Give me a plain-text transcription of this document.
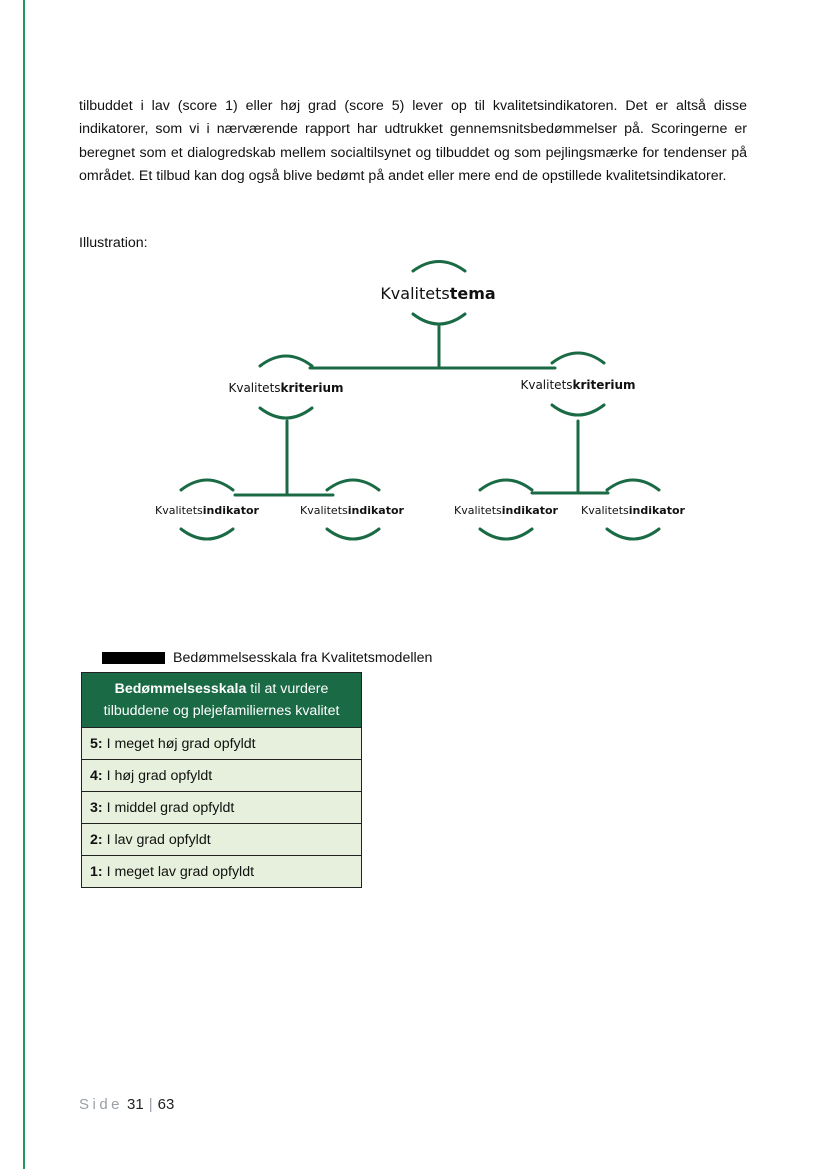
tilbuddet i lav (score 1) eller høj grad (score 5) lever op til kvalitetsindikatoren. Det er altså disse indikatorer, som vi i nærværende rapport har udtrukket gennemsnitsbedømmelser på. Scoringerne er beregnet som et dialogredskab mellem socialtilsynet og tilbuddet og som pejlingsmærke for tendenser på området. Et tilbud kan dog også blive bedømt på andet eller mere end de opstillede kvalitetsindikatorer.

Illustration:

Kvalitetstema
Kvalitetskriterium	Kvalitetskriterium
Kvalitetsindikator	Kvalitetsindikator	Kvalitetsindikator Kvalitetsindikator
Bedømmelsesskala fra Kvalitetsmodellen
Bedømmelsesskala til at vurdere tilbuddene og plejefamiliernes kvalitet
5: I meget høj grad opfyldt
4: I høj grad opfyldt
3: I middel grad opfyldt
2: I lav grad opfyldt
1: I meget lav grad opfyldt
Side 31 | 63
